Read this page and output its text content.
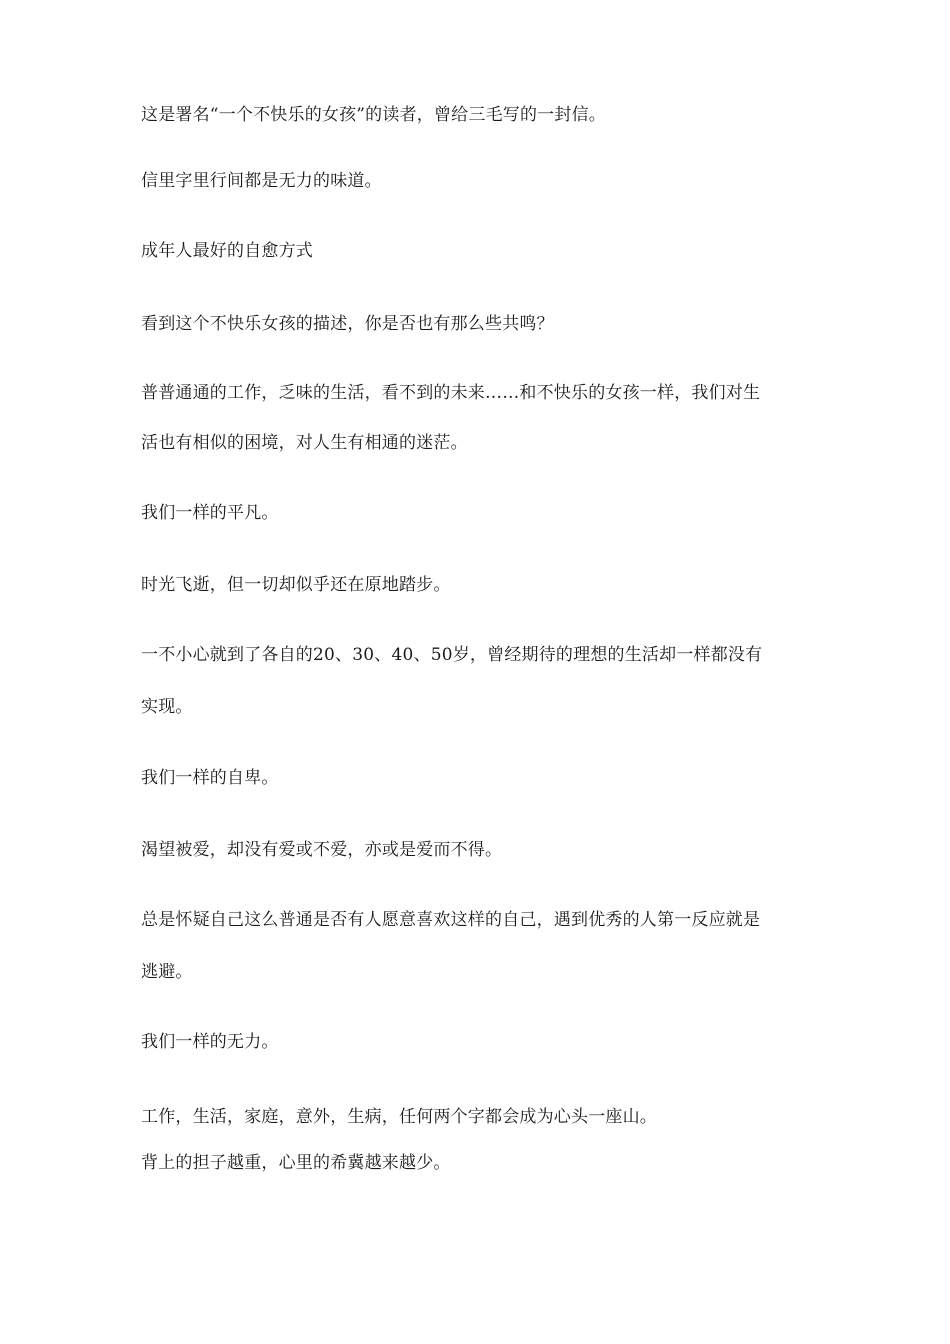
这是署名“一个不快乐的女孩”的读者，曾给三毛写的一封信。

信里字里行间都是无力的味道。

成年人最好的自愈方式

看到这个不快乐女孩的描述，你是否也有那么些共鸣？

普普通通的工作，乏味的生活，看不到的未来……和不快乐的女孩一样，我们对生

活也有相似的困境，对人生有相通的迷茫。

我们一样的平凡。

时光飞逝，但一切却似乎还在原地踏步。

一不小心就到了各自的20、30、40、50岁，曾经期待的理想的生活却一样都没有

实现。

我们一样的自卑。

渴望被爱，却没有爱或不爱，亦或是爱而不得。

总是怀疑自己这么普通是否有人愿意喜欢这样的自己，遇到优秀的人第一反应就是

逃避。

我们一样的无力。

工作，生活，家庭，意外，生病，任何两个字都会成为心头一座山。

背上的担子越重，心里的希冀越来越少。
